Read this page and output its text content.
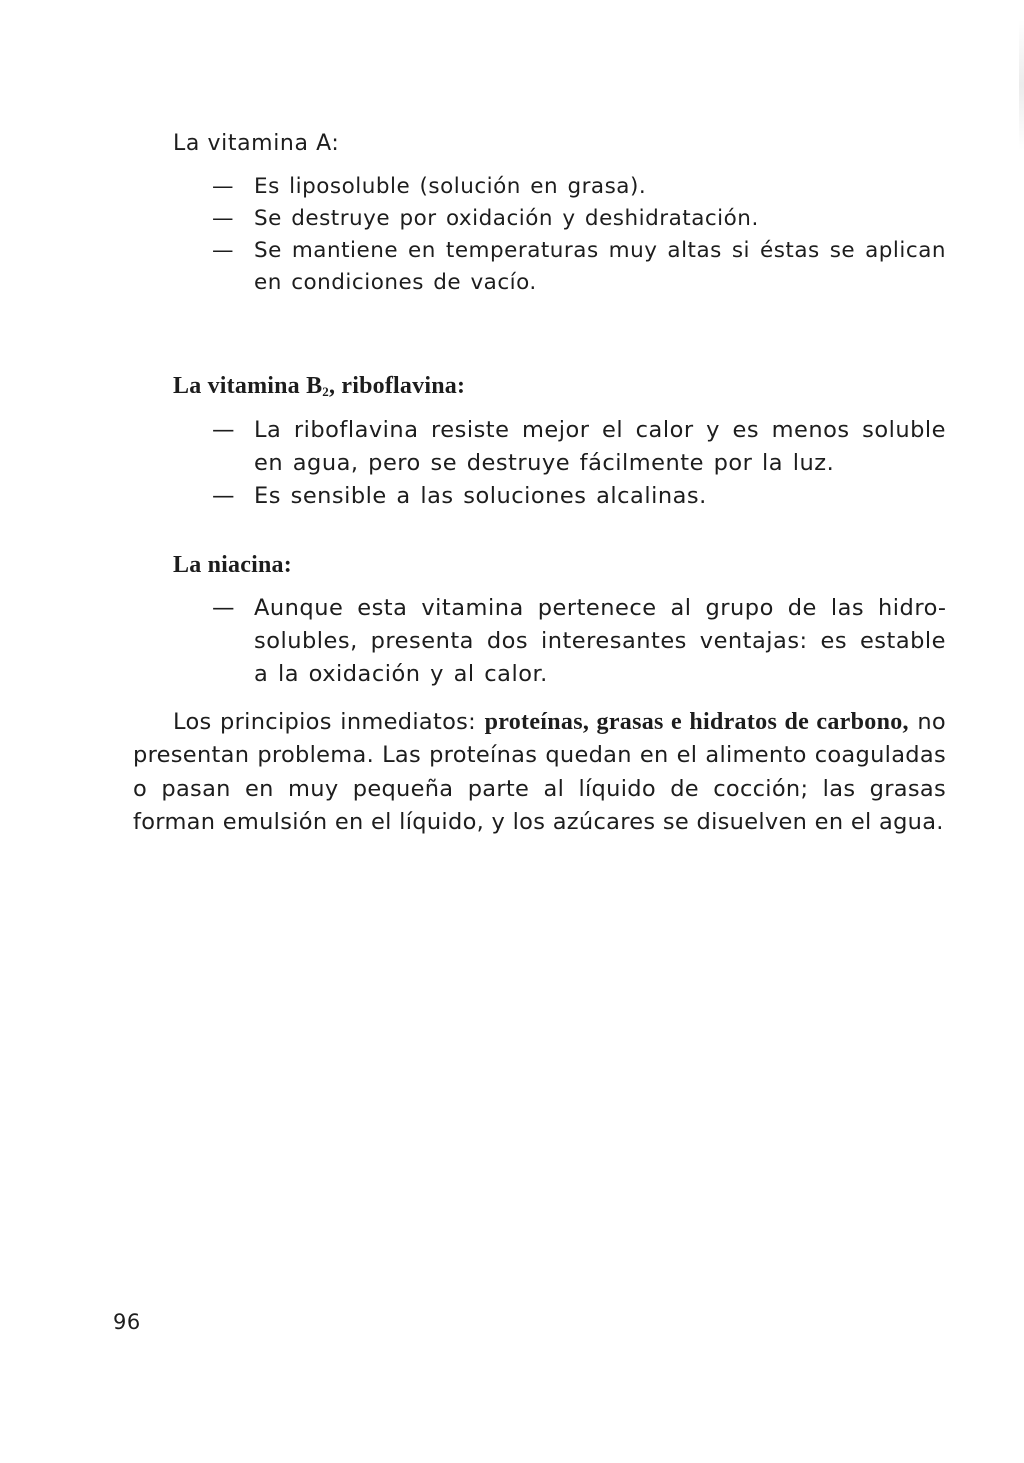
La vitamina A:
— Es liposoluble (solución en grasa).
— Se destruye por oxidación y deshidratación.
— Se mantiene en temperaturas muy altas si éstas se aplican en condiciones de vacío.
La vitamina $B_2$, riboflavina:
— La riboflavina resiste mejor el calor y es menos soluble en agua, pero se destruye fácilmente por la luz.
— Es sensible a las soluciones alcalinas.
La niacina:
— Aunque esta vitamina pertenece al grupo de las hidrosolubles, presenta dos interesantes ventajas: es estable a la oxidación y al calor.

Los principios inmediatos: proteínas, grasas e hidratos de carbono, no presentan problema. Las proteínas quedan en el alimento coaguladas o pasan en muy pequeña parte al líquido de cocción; las grasas forman emulsión en el líquido, y los azúcares se disuelven en el agua.

96
